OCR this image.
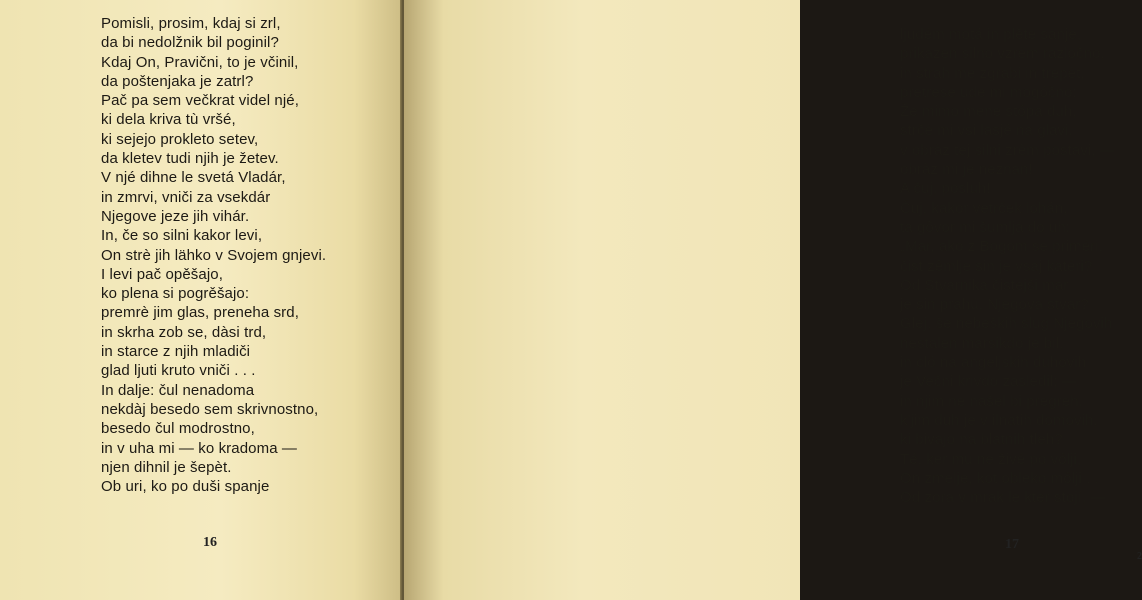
Pomisli, prosim, kdaj si zrl,
da bi nedolžnik bil poginil?
Kdaj On, Pravični, to je včinil,
da poštenjaka je zatrl?
Pač pa sem večkrat videl njé,
ki dela kriva tù vršé,
ki sejejo prokleto setev,
da kletev tudi njih je žetev.
V njé dihne le svetá Vladár,
in zmrvi, vniči za vsekdár
Njegove jeze jih vihár.
In, če so silni kakor levi,
On strè jih lähko v Svojem gnjevi.
I levi pač opěšajo,
ko plena si pogrěšajo:
premrè jim glas, preneha srd,
in skrha zob se, dàsi trd,
in starce z njih mladiči
glad ljuti kruto vniči . . .
In dalje: čul nenadoma
nekdàj besedo sem skrivnostno,
besedo čul modrostno,
in v uha mi — ko kradoma —
njen dihnil je šepèt.
Ob uri, ko po duši spanje
16
ljudém motá in plěte sanje,
prikazen silno vzrèm razločno,
in strah me zgrabi in trepèt,
pretrese ude mi mogóčno:
Že mimo mene stópa duh,
strčè mi vsi lasjé na glavi,
v obràz tej silni zrèm postavi, —
obràz mi je neznan!
A čuj, posluh!
Čuj, kakor vetrček lohán,
ta gôvor mi šumljá do uh:
„Mar, ako z Bogom se priméri,
čist zêmlje sin je vsaj katéri?
Od Stvarnika čistejši mar
je sin prahú, Njegova stvar?
Glej, še nebeških slug Njegovih
nestalen marsikdo je bil,
in cló na angeljskih duhovih
je Večni krivdo zasledil; —
in njim ne našel bi pregreh,
k'jim duh je v ilnatih domovih,
ki bivajo na blatnih tleh?
Té, ker mu ne živé po vôlji,
On zmelje, kot obleko môlji . .
Od zora v mrak le kter stojí, —
17
2
